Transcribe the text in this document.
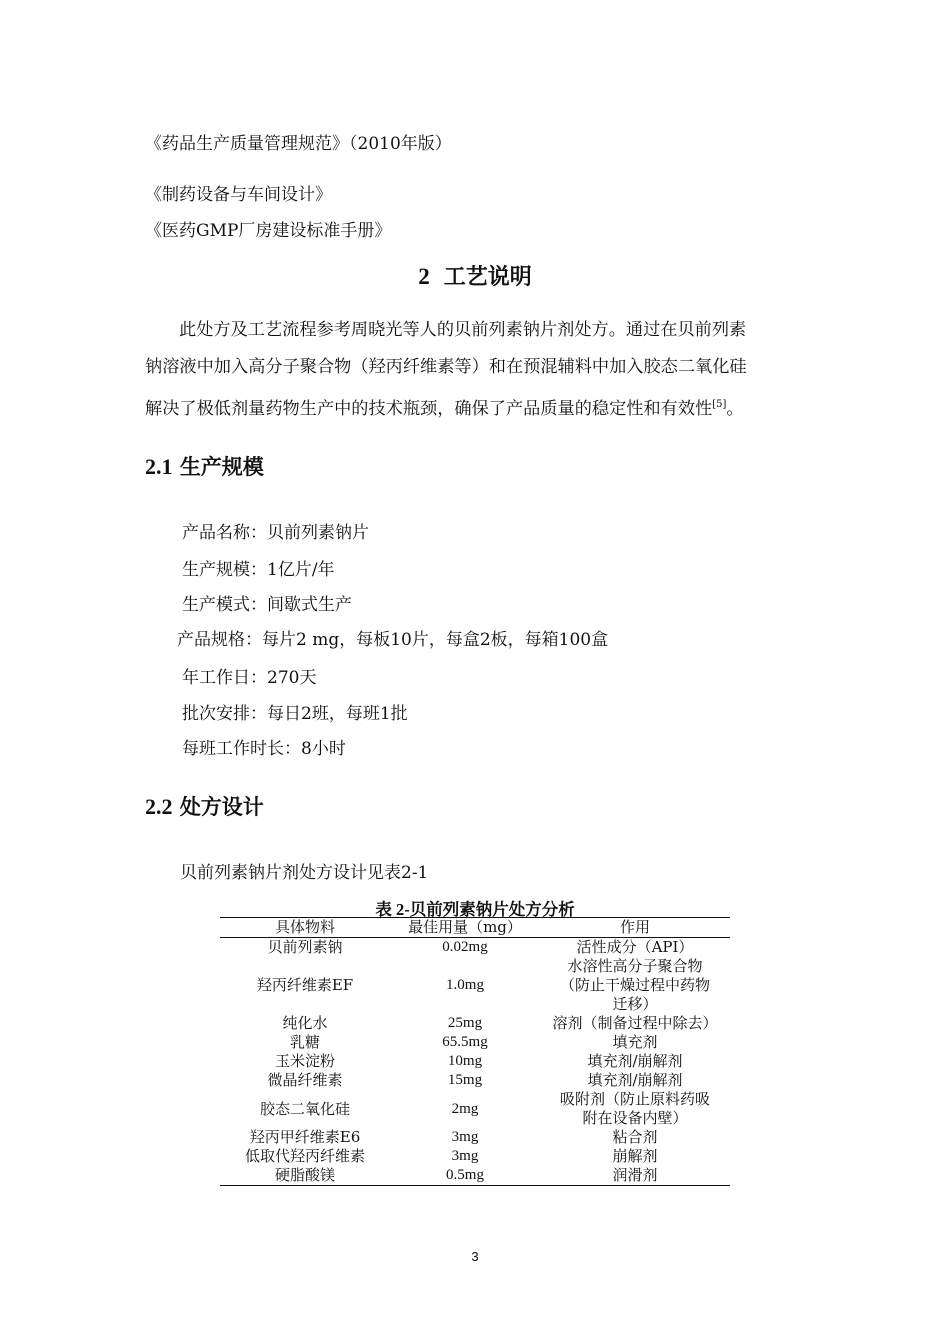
《药品生产质量管理规范》（2010年版）
《制药设备与车间设计》
《医药GMP厂房建设标准手册》
2 工艺说明
此处方及工艺流程参考周晓光等人的贝前列素钠片剂处方。通过在贝前列素
钠溶液中加入高分子聚合物（羟丙纤维素等）和在预混辅料中加入胶态二氧化硅
解决了极低剂量药物生产中的技术瓶颈，确保了产品质量的稳定性和有效性[5]。
2.1 生产规模
产品名称：贝前列素钠片
生产规模：1亿片/年
生产模式：间歇式生产
产品规格：每片2 mg，每板10片，每盒2板，每箱100盒
年工作日：270天
批次安排：每日2班，每班1批
每班工作时长：8小时
2.2 处方设计
贝前列素钠片剂处方设计见表2-1
表 2-贝前列素钠片处方分析
具体物料	最佳用量（mg）	作用
贝前列素钠	0.02mg	活性成分（API）

羟丙纤维素EF	1.0mg	水溶性高分子聚合物
（防止干燥过程中药物
迁移）

纯化水	25mg	溶剂（制备过程中除去）

乳糖	65.5mg	填充剂

玉米淀粉	10mg	填充剂/崩解剂

微晶纤维素	15mg	填充剂/崩解剂

胶态二氧化硅	2mg	吸附剂（防止原料药吸
附在设备内壁）

羟丙甲纤维素E6	3mg	粘合剂

低取代羟丙纤维素	3mg	崩解剂

硬脂酸镁	0.5mg	润滑剂
3
